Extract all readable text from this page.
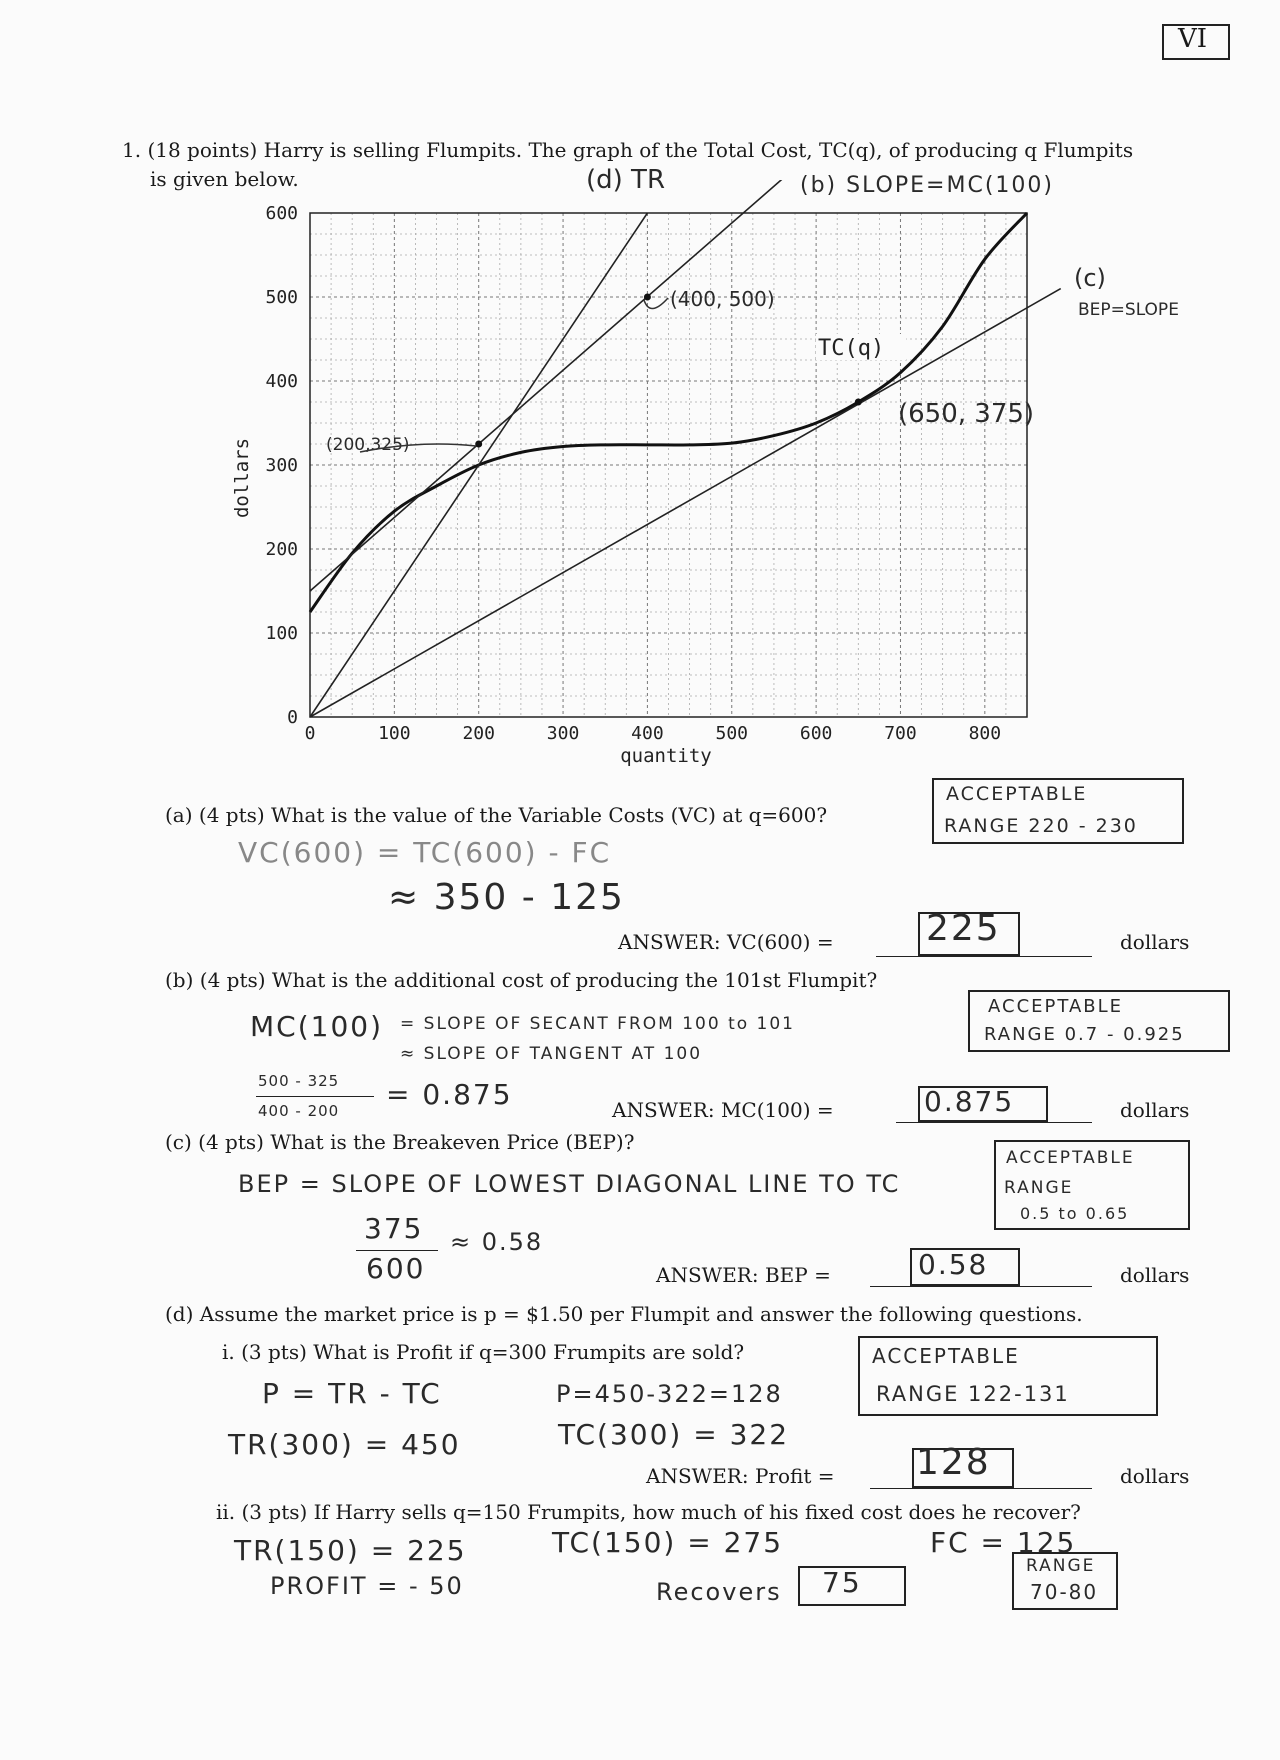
VI
1. (18 points) Harry is selling Flumpits. The graph of the Total Cost, TC(q), of producing q Flumpits
is given below.
0	100	200	300	400	500	600	700	800
0
100
200
300
400
500
600
dollars
quantity
(d) TR	(b) SLOPE=MC(100)
(c)
BEP=SLOPE
TC(q)
(400, 500)
(200,325)
(650, 375)
(a) (4 pts) What is the value of the Variable Costs (VC) at q=600?
ACCEPTABLE
RANGE 220 - 230
VC(600) = TC(600) - FC
≈ 350 - 125
ANSWER: VC(600) =	225	dollars
(b) (4 pts) What is the additional cost of producing the 101st Flumpit?
ACCEPTABLE
RANGE 0.7 - 0.925
MC(100) = SLOPE OF SECANT FROM 100 to 101
≈ SLOPE OF TANGENT AT 100
500 - 325
400 - 200 = 0.875	ANSWER: MC(100) =	0.875	dollars
(c) (4 pts) What is the Breakeven Price (BEP)?
ACCEPTABLE
RANGE
0.5 to 0.65
BEP = SLOPE OF LOWEST DIAGONAL LINE TO TC
375
600
≈ 0.58
ANSWER: BEP =	0.58	dollars
(d) Assume the market price is p = $1.50 per Flumpit and answer the following questions.
i. (3 pts) What is Profit if q=300 Frumpits are sold?	ACCEPTABLE
RANGE 122-131
P = TR - TC	P=450-322=128
TR(300) = 450	TC(300) = 322
ANSWER: Profit = 128	dollars
ii. (3 pts) If Harry sells q=150 Frumpits, how much of his fixed cost does he recover?
TR(150) = 225	TC(150) = 275	FC = 125
PROFIT = - 50	Recovers 75	RANGE
70-80
